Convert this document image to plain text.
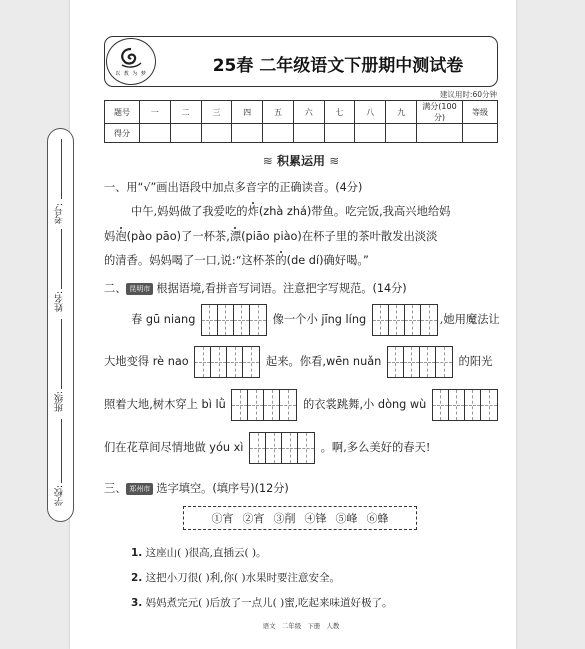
考号:
姓名:
班级:
学校:
以 教 为 梦	25春 二年级语文下册期中测试卷
建议用时:60分钟
题号	一	二	三	四	五	六	七	八	九	满分(100分)	等级
得分											
≋ 积累运用 ≋
一、用“√”画出语段中加点多音字的正确读音。(4分)
中午,妈妈做了我爱吃的炸(zhà zhá)带鱼。吃完饭,我高兴地给妈
妈泡(pào pāo)了一杯茶,漂(piāo piào)在杯子里的茶叶散发出淡淡
的清香。妈妈喝了一口,说:“这杯茶的(de dí)确好喝。”
二、 昆明市 根据语境,看拼音写词语。注意把字写规范。(14分)
春 gū niang	像一个小 jīng líng	,她用魔法让
大地变得 rè nao	起来。你看,wēn nuǎn	的阳光
照着大地,树木穿上 bì lǜ	的衣裳跳舞,小 dòng wù
们在花草间尽情地做 yóu xì	。啊,多么美好的春天!
三、 郑州市 选字填空。(填序号)(12分)
①宵 ②宵 ③削 ④锋 ⑤峰 ⑥蜂
1. 这座山( )很高,直插云( )。
2. 这把小刀很( )利,你( )水果时要注意安全。
3. 妈妈煮完元( )后放了一点儿( )蜜,吃起来味道好极了。
语文 二年级 下册 人教
